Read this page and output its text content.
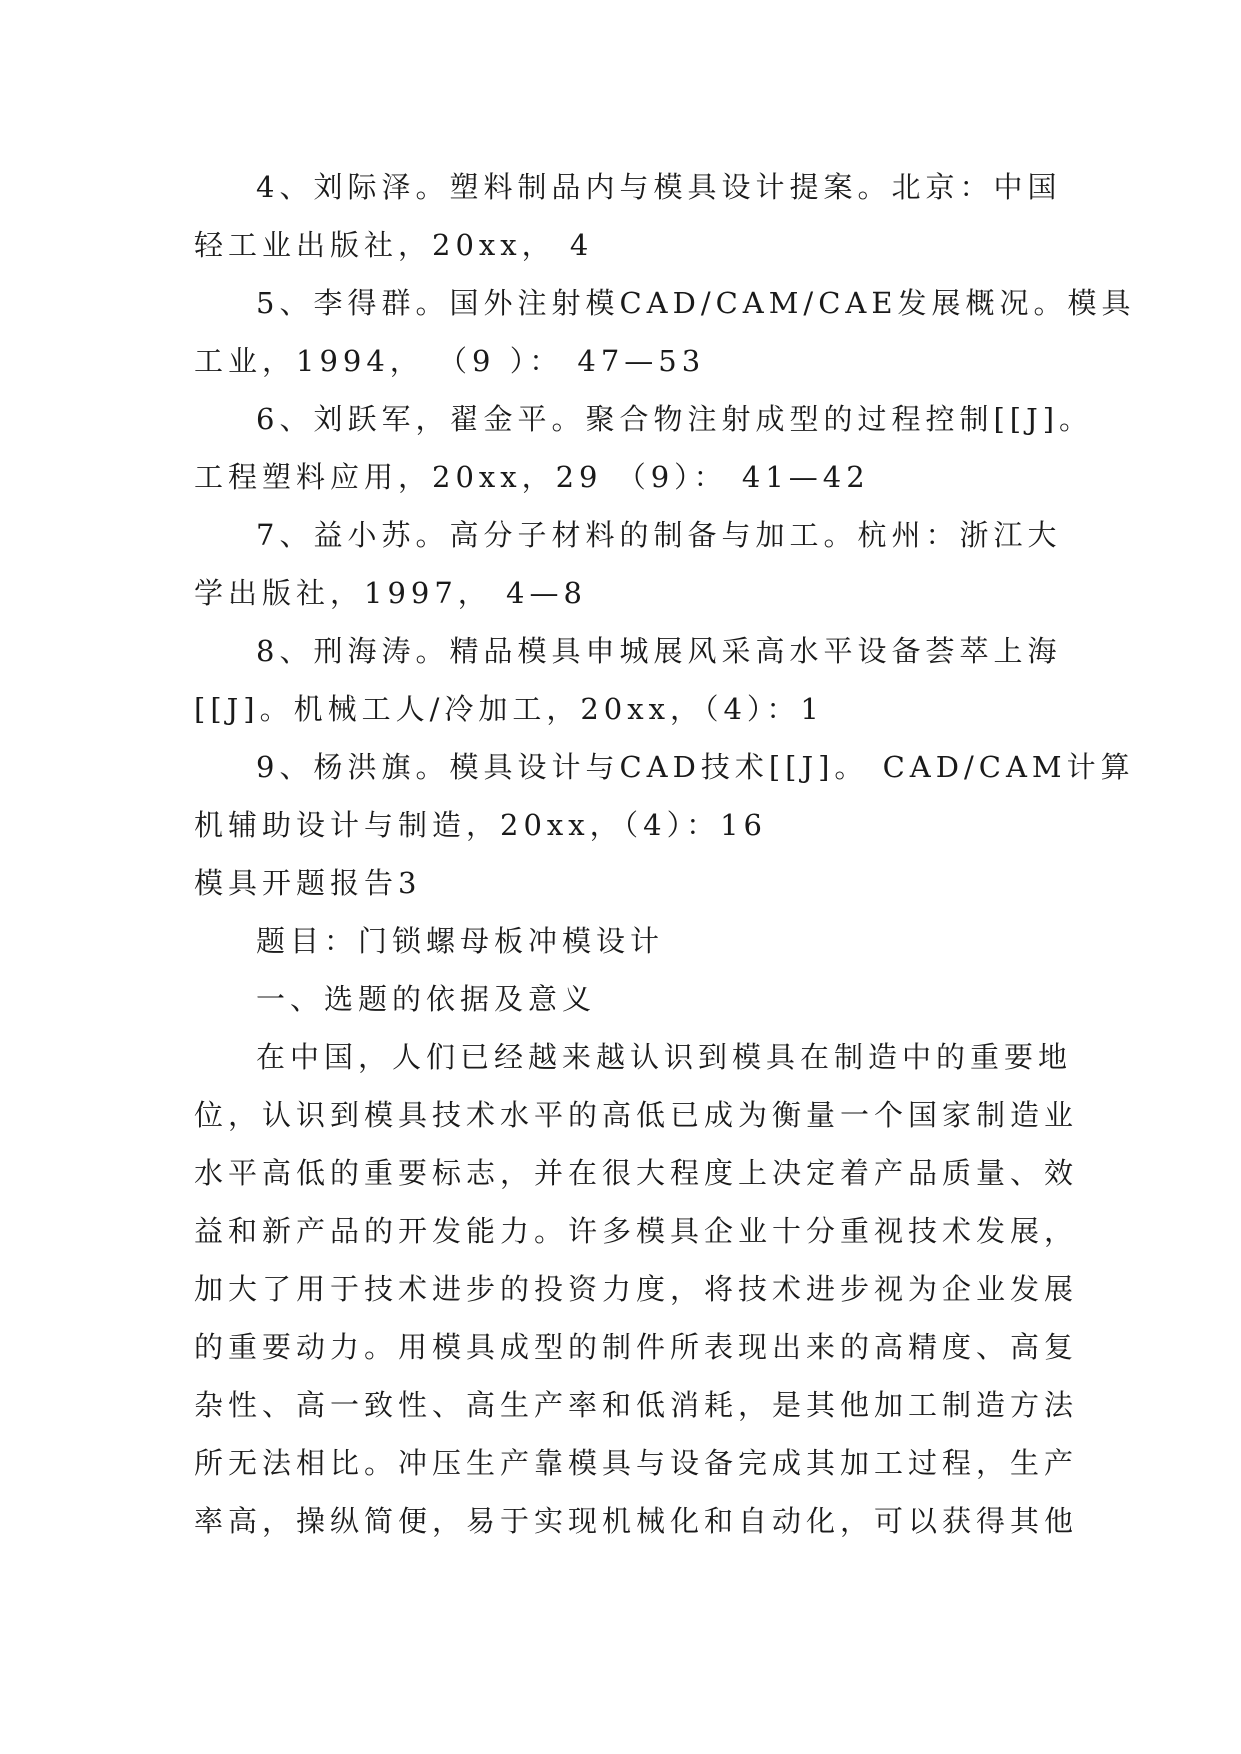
4、刘际泽。塑料制品内与模具设计提案。北京：中国
轻工业出版社，20xx， 4
5、李得群。国外注射模CAD/CAM/CAE发展概况。模具
工业，1994， （9 ）： 47—53
6、刘跃军，翟金平。聚合物注射成型的过程控制[[J]。
工程塑料应用，20xx，29 （9）： 41—42
7、益小苏。高分子材料的制备与加工。杭州：浙江大
学出版社，1997， 4—8
8、刑海涛。精品模具申城展风采高水平设备荟萃上海
[[J]。机械工人/冷加工，20xx，（4）：1
9、杨洪旗。模具设计与CAD技术[[J]。 CAD/CAM计算
机辅助设计与制造，20xx，（4）：16
模具开题报告3
题目：门锁螺母板冲模设计
一、选题的依据及意义
在中国，人们已经越来越认识到模具在制造中的重要地
位，认识到模具技术水平的高低已成为衡量一个国家制造业
水平高低的重要标志，并在很大程度上决定着产品质量、效
益和新产品的开发能力。许多模具企业十分重视技术发展，
加大了用于技术进步的投资力度，将技术进步视为企业发展
的重要动力。用模具成型的制件所表现出来的高精度、高复
杂性、高一致性、高生产率和低消耗，是其他加工制造方法
所无法相比。冲压生产靠模具与设备完成其加工过程，生产
率高，操纵简便，易于实现机械化和自动化，可以获得其他
